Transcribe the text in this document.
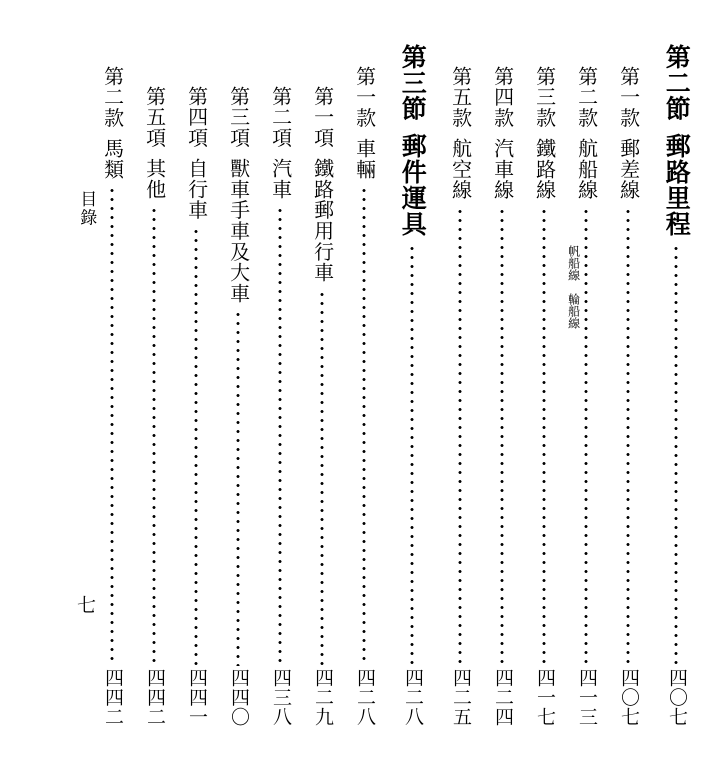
第二節
郵路里程
四〇七
第一款
郵差線
四〇七
第二款
航船線
帆船線　輪船線
四一三
第三款
鐵路線
四一七
第四款
汽車線
四二四
第五款
航空線
四二五
第三節
郵件運具
四二八
第一款
車輛
四二八
第一項
鐵路郵用行車
四二九
第二項
汽車
四三八
第三項
獸車手車及大車
四四〇
第四項
自行車
四四一
第五項
其他
四四二
第二款
馬類
四四二
目錄
七
